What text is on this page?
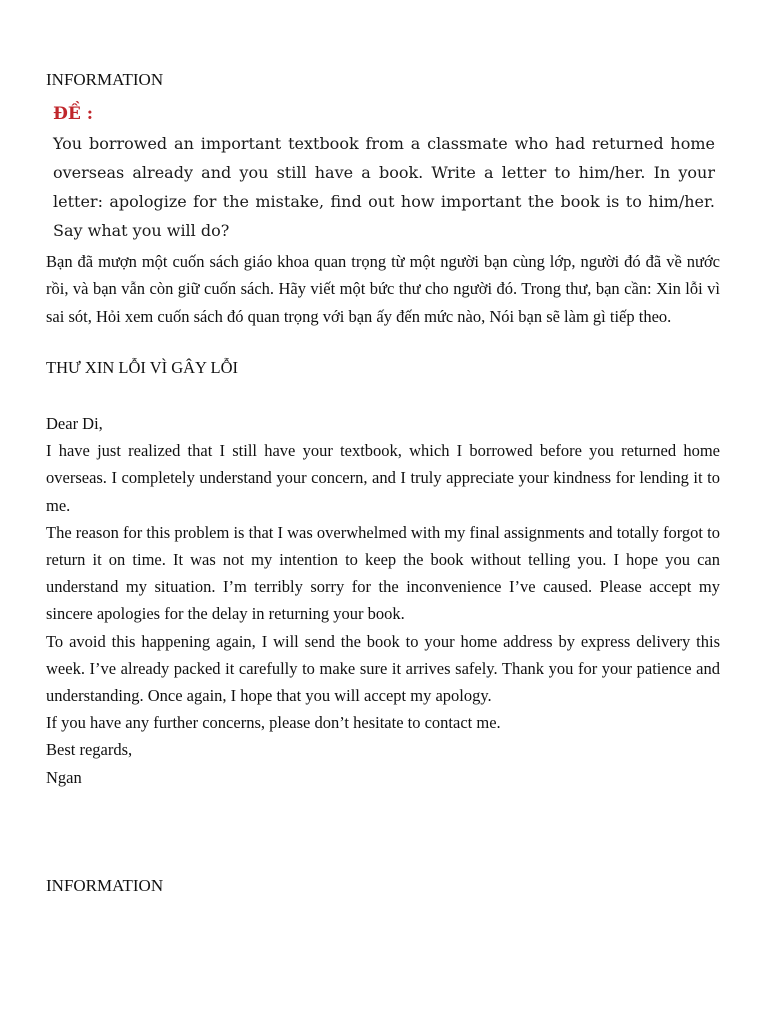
INFORMATION

ĐỀ :

You borrowed an important textbook from a classmate who had returned home overseas already and you still have a book. Write a letter to him/her. In your letter: apologize for the mistake, find out how important the book is to him/her. Say what you will do?

Bạn đã mượn một cuốn sách giáo khoa quan trọng từ một người bạn cùng lớp, người đó đã về nước rồi, và bạn vẫn còn giữ cuốn sách. Hãy viết một bức thư cho người đó. Trong thư, bạn cần: Xin lỗi vì sai sót, Hỏi xem cuốn sách đó quan trọng với bạn ấy đến mức nào, Nói bạn sẽ làm gì tiếp theo.

THƯ XIN LỖI VÌ GÂY LỖI

Dear Di,

I have just realized that I still have your textbook, which I borrowed before you returned home overseas. I completely understand your concern, and I truly appreciate your kindness for lending it to me.

The reason for this problem is that I was overwhelmed with my final assignments and totally forgot to return it on time. It was not my intention to keep the book without telling you. I hope you can understand my situation. I’m terribly sorry for the inconvenience I’ve caused. Please accept my sincere apologies for the delay in returning your book.

To avoid this happening again, I will send the book to your home address by express delivery this week. I’ve already packed it carefully to make sure it arrives safely. Thank you for your patience and understanding. Once again, I hope that you will accept my apology.

If you have any further concerns, please don’t hesitate to contact me.

Best regards,

Ngan

INFORMATION
